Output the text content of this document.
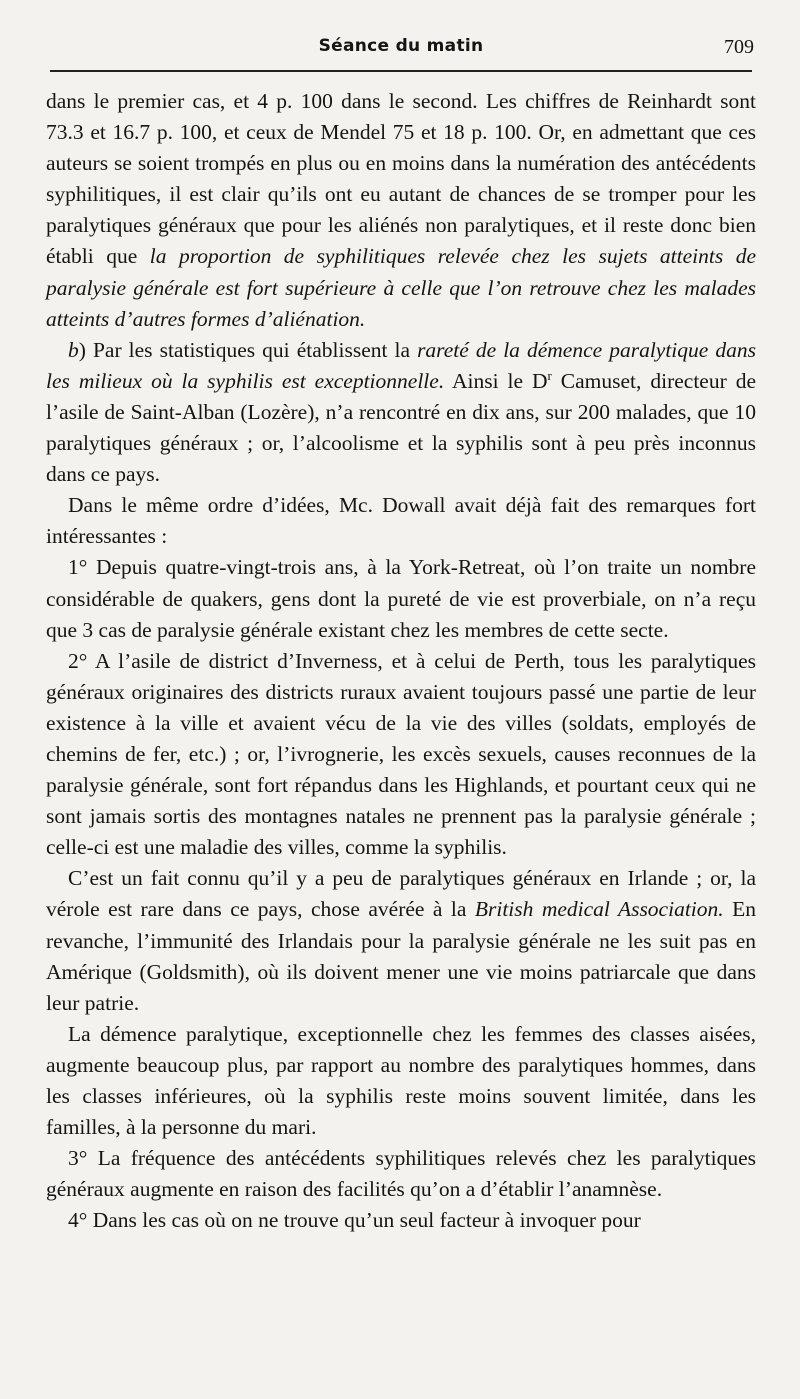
Séance du matin	709

dans le premier cas, et 4 p. 100 dans le second. Les chiffres de Reinhardt sont 73.3 et 16.7 p. 100, et ceux de Mendel 75 et 18 p. 100. Or, en admettant que ces auteurs se soient trompés en plus ou en moins dans la numération des antécédents syphilitiques, il est clair qu’ils ont eu autant de chances de se tromper pour les paralytiques généraux que pour les aliénés non paralytiques, et il reste donc bien établi que la proportion de syphilitiques relevée chez les sujets atteints de paralysie générale est fort supérieure à celle que l’on retrouve chez les malades atteints d’autres formes d’aliénation.

b) Par les statistiques qui établissent la rareté de la démence paralytique dans les milieux où la syphilis est exceptionnelle. Ainsi le $D^r$ Camuset, directeur de l’asile de Saint-Alban (Lozère), n’a rencontré en dix ans, sur 200 malades, que 10 paralytiques généraux ; or, l’alcoolisme et la syphilis sont à peu près inconnus dans ce pays.

Dans le même ordre d’idées, Mc. Dowall avait déjà fait des remarques fort intéressantes :

1° Depuis quatre-vingt-trois ans, à la York-Retreat, où l’on traite un nombre considérable de quakers, gens dont la pureté de vie est proverbiale, on n’a reçu que 3 cas de paralysie générale existant chez les membres de cette secte.

2° A l’asile de district d’Inverness, et à celui de Perth, tous les paralytiques généraux originaires des districts ruraux avaient toujours passé une partie de leur existence à la ville et avaient vécu de la vie des villes (soldats, employés de chemins de fer, etc.) ; or, l’ivrognerie, les excès sexuels, causes reconnues de la paralysie générale, sont fort répandus dans les Highlands, et pourtant ceux qui ne sont jamais sortis des montagnes natales ne prennent pas la paralysie générale ; celle-ci est une maladie des villes, comme la syphilis.

C’est un fait connu qu’il y a peu de paralytiques généraux en Irlande ; or, la vérole est rare dans ce pays, chose avérée à la British medical Association. En revanche, l’immunité des Irlandais pour la paralysie générale ne les suit pas en Amérique (Goldsmith), où ils doivent mener une vie moins patriarcale que dans leur patrie.

La démence paralytique, exceptionnelle chez les femmes des classes aisées, augmente beaucoup plus, par rapport au nombre des paralytiques hommes, dans les classes inférieures, où la syphilis reste moins souvent limitée, dans les familles, à la personne du mari.

3° La fréquence des antécédents syphilitiques relevés chez les paralytiques généraux augmente en raison des facilités qu’on a d’établir l’anamnèse.

4° Dans les cas où on ne trouve qu’un seul facteur à invoquer pour
